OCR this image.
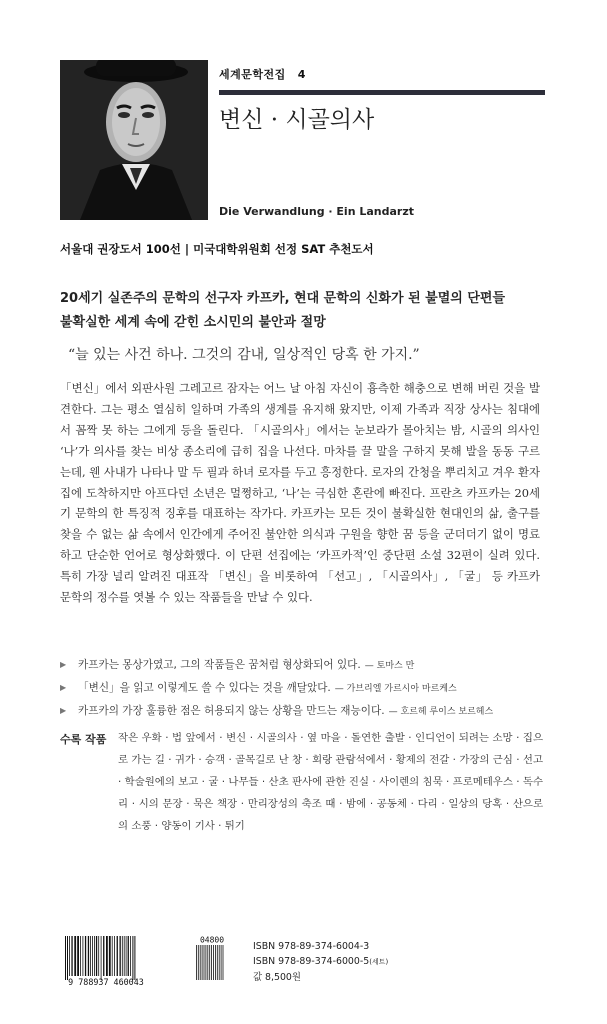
세계문학전집 4
변신 · 시골의사
Die Verwandlung · Ein Landarzt
서울대 권장도서 100선 | 미국대학위원회 선정 SAT 추천도서
20세기 실존주의 문학의 선구자 카프카, 현대 문학의 신화가 된 불멸의 단편들
불확실한 세계 속에 갇힌 소시민의 불안과 절망
“늘 있는 사건 하나. 그것의 감내, 일상적인 당혹 한 가지.”

「변신」에서 외판사원 그레고르 잠자는 어느 날 아침 자신이 흉측한 해충으로 변해 버린 것을 발견한다. 그는 평소 열심히 일하며 가족의 생계를 유지해 왔지만, 이제 가족과 직장 상사는 침대에서 꼼짝 못 하는 그에게 등을 돌린다. 「시골의사」에서는 눈보라가 몰아치는 밤, 시골의 의사인 ‘나’가 의사를 찾는 비상 종소리에 급히 집을 나선다. 마차를 끌 말을 구하지 못해 발을 동동 구르는데, 웬 사내가 나타나 말 두 필과 하녀 로자를 두고 흥정한다. 로자의 간청을 뿌리치고 겨우 환자 집에 도착하지만 아프다던 소년은 멀쩡하고, ‘나’는 극심한 혼란에 빠진다. 프란츠 카프카는 20세기 문학의 한 특징적 징후를 대표하는 작가다. 카프카는 모든 것이 불확실한 현대인의 삶, 출구를 찾을 수 없는 삶 속에서 인간에게 주어진 불안한 의식과 구원을 향한 꿈 등을 군더더기 없이 명료하고 단순한 언어로 형상화했다. 이 단편 선집에는 ‘카프카적’인 중단편 소설 32편이 실려 있다. 특히 가장 널리 알려진 대표작 「변신」을 비롯하여 「선고」, 「시골의사」, 「굴」 등 카프카 문학의 정수를 엿볼 수 있는 작품들을 만날 수 있다.

▶	카프카는 몽상가였고, 그의 작품들은 꿈처럼 형상화되어 있다. — 토마스 만
▶	「변신」을 읽고 이렇게도 쓸 수 있다는 것을 깨달았다. — 가브리엘 가르시아 마르케스
▶	카프카의 가장 훌륭한 점은 허용되지 않는 상황을 만드는 재능이다. — 호르헤 루이스 보르헤스
수록 작품 작은 우화 · 법 앞에서 · 변신 · 시골의사 · 옆 마을 · 돌연한 출발 · 인디언이 되려는 소망 · 집으로 가는 길 · 귀가 · 승객 · 골목길로 난 창 · 회랑 관람석에서 · 황제의 전갈 · 가장의 근심 · 선고 · 학술원에의 보고 · 굴 · 나무들 · 산초 판사에 관한 진실 · 사이렌의 침묵 · 프로메테우스 · 독수리 · 시의 문장 · 묵은 책장 · 만리장성의 축조 때 · 밤에 · 공동체 · 다리 · 일상의 당혹 · 산으로의 소풍 · 양동이 기사 · 튀기
9 788937 460043
04800
ISBN 978-89-374-6004-3
ISBN 978-89-374-6000-5(세트)
값 8,500원
